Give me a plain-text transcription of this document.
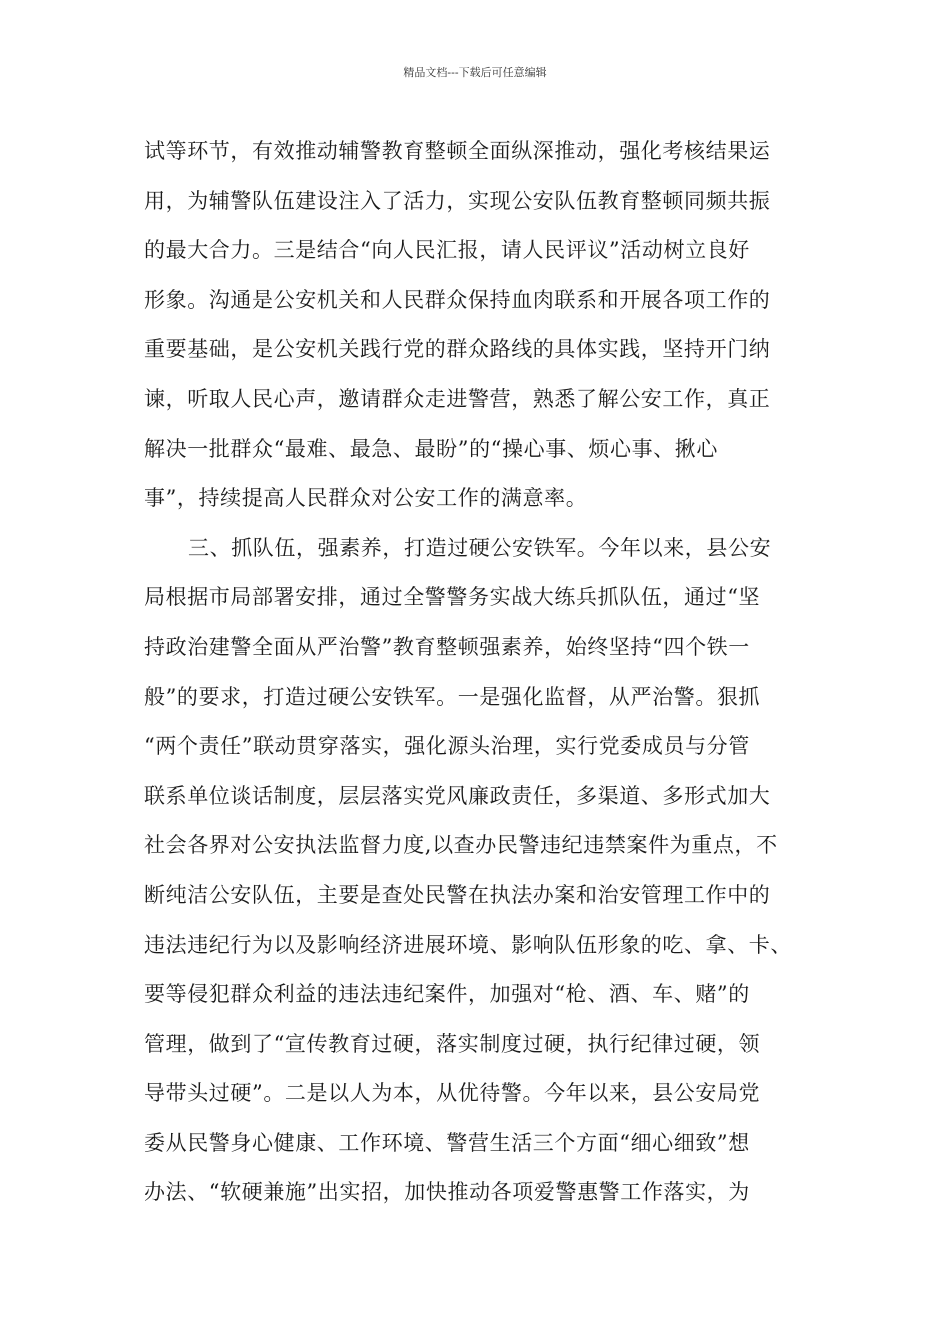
精品文档---下载后可任意编辑
试等环节，有效推动辅警教育整顿全面纵深推动，强化考核结果运
用，为辅警队伍建设注入了活力，实现公安队伍教育整顿同频共振
的最大合力。三是结合“向人民汇报，请人民评议”活动树立良好
形象。沟通是公安机关和人民群众保持血肉联系和开展各项工作的
重要基础，是公安机关践行党的群众路线的具体实践，坚持开门纳
谏，听取人民心声，邀请群众走进警营，熟悉了解公安工作，真正
解决一批群众“最难、最急、最盼”的“操心事、烦心事、揪心
事”，持续提高人民群众对公安工作的满意率。
三、抓队伍，强素养，打造过硬公安铁军。今年以来，县公安
局根据市局部署安排，通过全警警务实战大练兵抓队伍，通过“坚
持政治建警全面从严治警”教育整顿强素养，始终坚持“四个铁一
般”的要求，打造过硬公安铁军。一是强化监督，从严治警。狠抓
“两个责任”联动贯穿落实，强化源头治理，实行党委成员与分管
联系单位谈话制度，层层落实党风廉政责任，多渠道、多形式加大
社会各界对公安执法监督力度,以查办民警违纪违禁案件为重点，不
断纯洁公安队伍，主要是查处民警在执法办案和治安管理工作中的
违法违纪行为以及影响经济进展环境、影响队伍形象的吃、拿、卡、
要等侵犯群众利益的违法违纪案件，加强对“枪、酒、车、赌”的
管理，做到了“宣传教育过硬，落实制度过硬，执行纪律过硬，领
导带头过硬”。二是以人为本，从优待警。今年以来，县公安局党
委从民警身心健康、工作环境、警营生活三个方面“细心细致”想
办法、“软硬兼施”出实招，加快推动各项爱警惠警工作落实，为
